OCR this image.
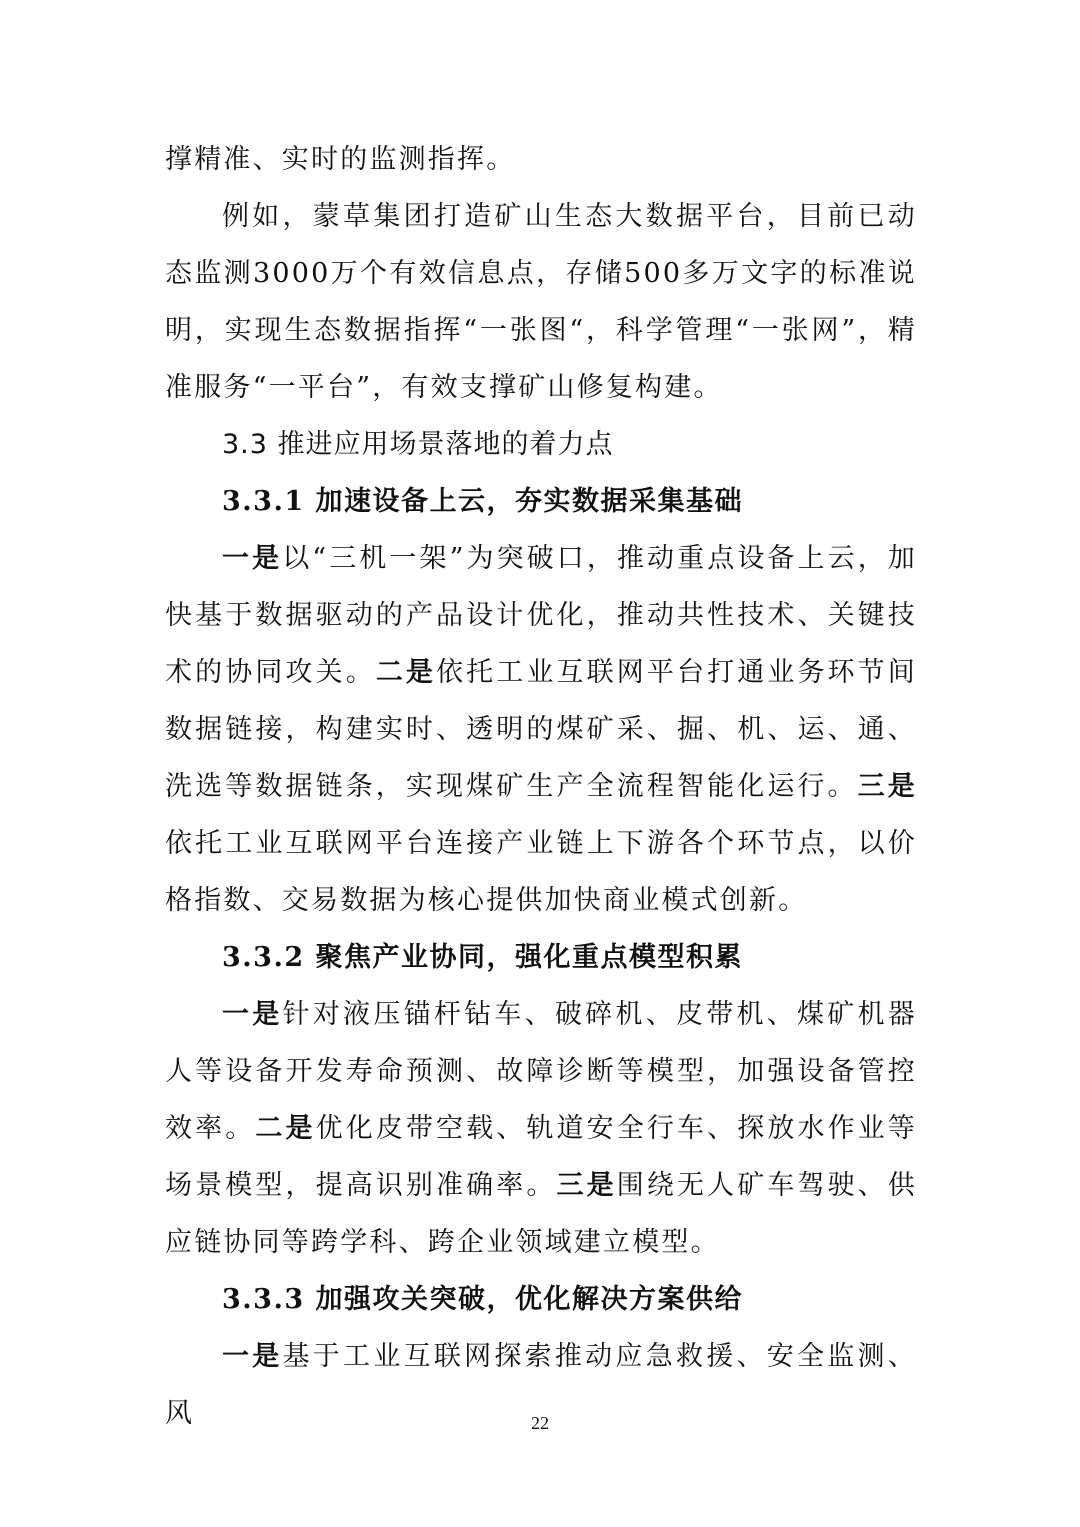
撑精准、实时的监测指挥。

例如，蒙草集团打造矿山生态大数据平台，目前已动态监测3000万个有效信息点，存储500多万文字的标准说明，实现生态数据指挥“一张图“，科学管理“一张网”，精准服务“一平台”，有效支撑矿山修复构建。

3.3 推进应用场景落地的着力点

3.3.1 加速设备上云，夯实数据采集基础

一是以“三机一架”为突破口，推动重点设备上云，加快基于数据驱动的产品设计优化，推动共性技术、关键技术的协同攻关。二是依托工业互联网平台打通业务环节间数据链接，构建实时、透明的煤矿采、掘、机、运、通、洗选等数据链条，实现煤矿生产全流程智能化运行。三是依托工业互联网平台连接产业链上下游各个环节点，以价格指数、交易数据为核心提供加快商业模式创新。

3.3.2 聚焦产业协同，强化重点模型积累

一是针对液压锚杆钻车、破碎机、皮带机、煤矿机器人等设备开发寿命预测、故障诊断等模型，加强设备管控效率。二是优化皮带空载、轨道安全行车、探放水作业等场景模型，提高识别准确率。三是围绕无人矿车驾驶、供应链协同等跨学科、跨企业领域建立模型。

3.3.3 加强攻关突破，优化解决方案供给

一是基于工业互联网探索推动应急救援、安全监测、风	22
